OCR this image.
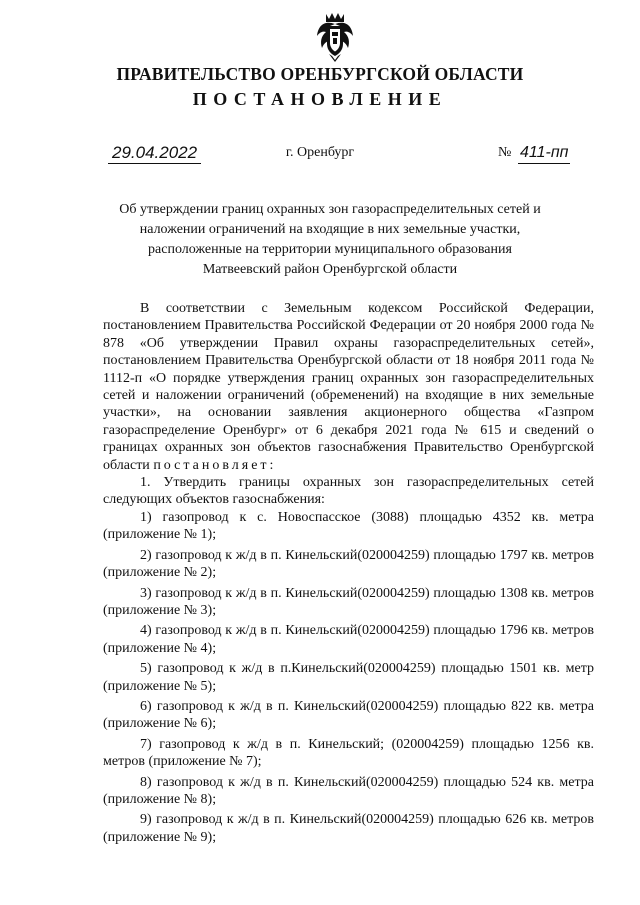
ПРАВИТЕЛЬСТВО ОРЕНБУРГСКОЙ ОБЛАСТИ
ПОСТАНОВЛЕНИЕ
29.04.2022	г. Оренбург	№ 411-пп
Об утверждении границ охранных зон газораспределительных сетей и
наложении ограничений на входящие в них земельные участки,
расположенные на территории муниципального образования
Матвеевский район Оренбургской области

В соответствии с Земельным кодексом Российской Федерации, постановлением Правительства Российской Федерации от 20 ноября 2000 года № 878 «Об утверждении Правил охраны газораспределительных сетей», постановлением Правительства Оренбургской области от 18 ноября 2011 года № 1112-п «О порядке утверждения границ охранных зон газораспределительных сетей и наложении ограничений (обременений) на входящие в них земельные участки», на основании заявления акционерного общества «Газпром газораспределение Оренбург» от 6 декабря 2021 года № 615 и сведений о границах охранных зон объектов газоснабжения Правительство Оренбургской области постановляет:

1. Утвердить границы охранных зон газораспределительных сетей следующих объектов газоснабжения:

1) газопровод к с. Новоспасское (3088) площадью 4352 кв. метра (приложение № 1);

2) газопровод к ж/д в п. Кинельский(020004259) площадью 1797 кв. метров (приложение № 2);

3) газопровод к ж/д в п. Кинельский(020004259) площадью 1308 кв. метров (приложение № 3);

4) газопровод к ж/д в п. Кинельский(020004259) площадью 1796 кв. метров (приложение № 4);

5) газопровод к ж/д в п.Кинельский(020004259) площадью 1501 кв. метр (приложение № 5);

6) газопровод к ж/д в п. Кинельский(020004259) площадью 822 кв. метра (приложение № 6);

7) газопровод к ж/д в п. Кинельский; (020004259) площадью 1256 кв. метров (приложение № 7);

8) газопровод к ж/д в п. Кинельский(020004259) площадью 524 кв. метра (приложение № 8);

9) газопровод к ж/д в п. Кинельский(020004259) площадью 626 кв. метров (приложение № 9);
